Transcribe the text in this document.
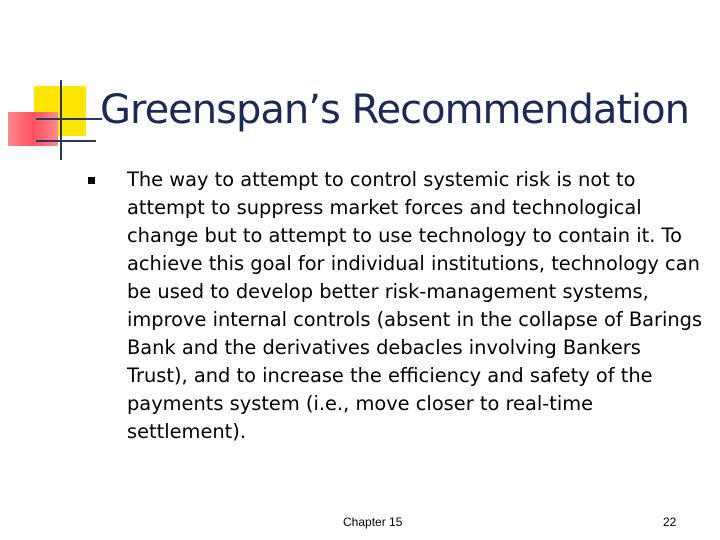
Greenspan’s Recommendation
The way to attempt to control systemic risk is not to attempt to suppress market forces and technological change but to attempt to use technology to contain it. To achieve this goal for individual institutions, technology can be used to develop better risk-management systems, improve internal controls (absent in the collapse of Barings Bank and the derivatives debacles involving Bankers Trust), and to increase the efficiency and safety of the payments system (i.e., move closer to real-time settlement).
Chapter 15	22
